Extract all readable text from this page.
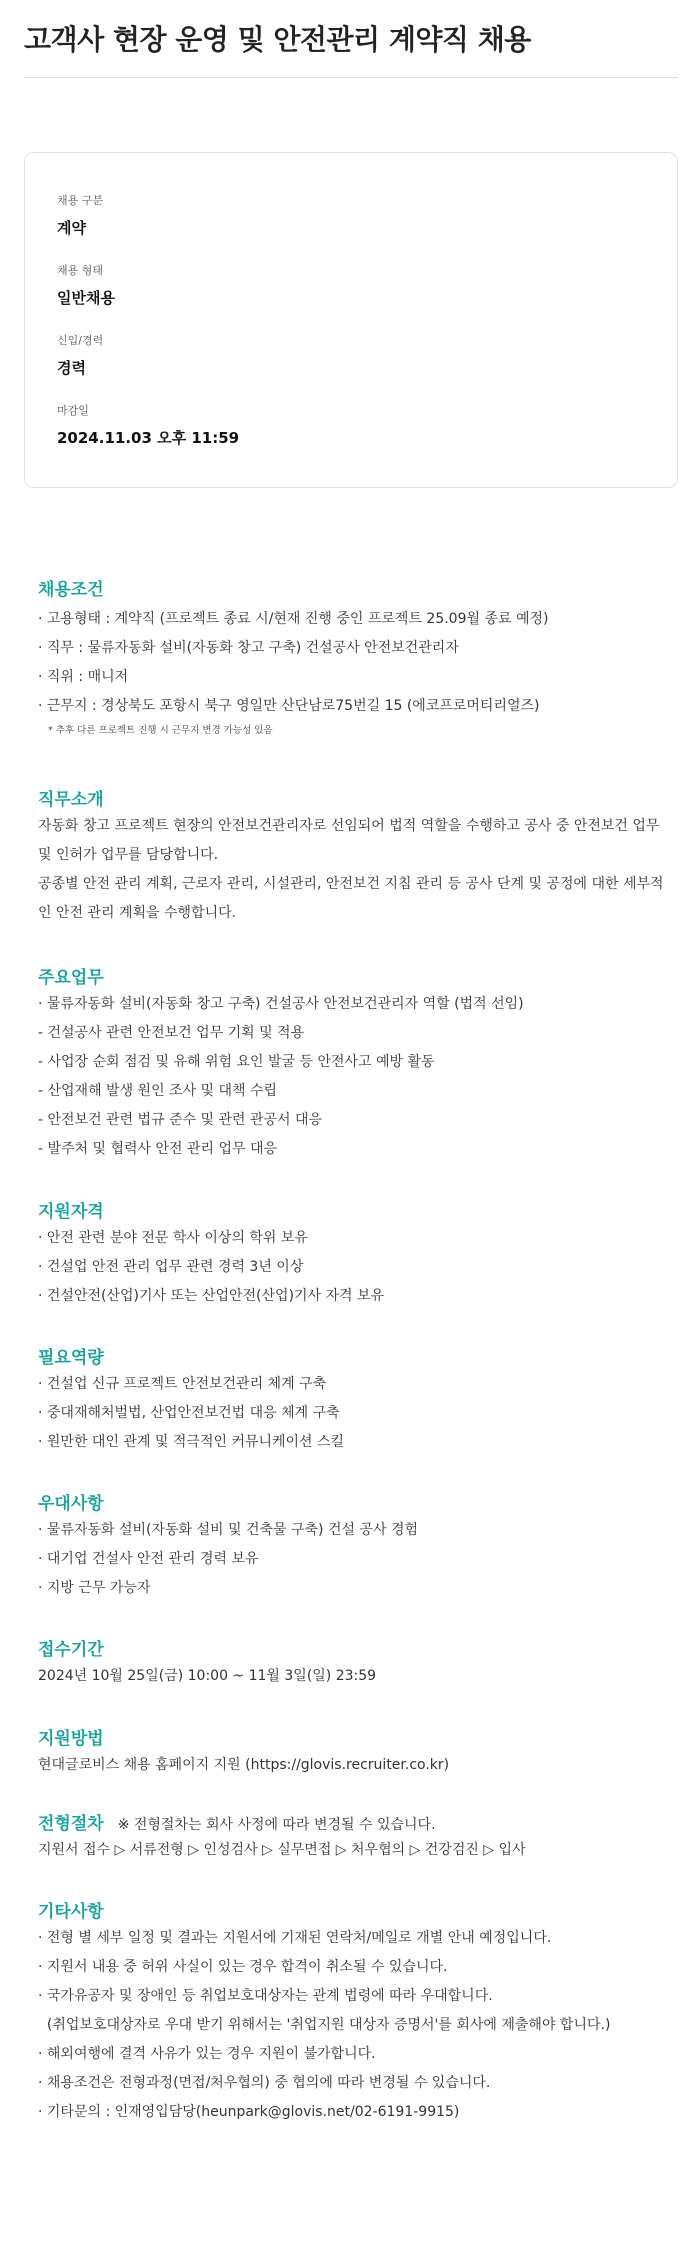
고객사 현장 운영 및 안전관리 계약직 채용
채용 구분
계약
채용 형태
일반채용
신입/경력
경력
마감일
2024.11.03 오후 11:59
채용조건
· 고용형태 : 계약직 (프로젝트 종료 시/현재 진행 중인 프로젝트 25.09월 종료 예정)
· 직무 : 물류자동화 설비(자동화 창고 구축) 건설공사 안전보건관리자
· 직위 : 매니저
· 근무지 : 경상북도 포항시 북구 영일만 산단남로75번길 15 (에코프로머티리얼즈)
* 추후 다른 프로젝트 진행 시 근무지 변경 가능성 있음
직무소개
자동화 창고 프로젝트 현장의 안전보건관리자로 선임되어 법적 역할을 수행하고 공사 중 안전보건 업무
및 인허가 업무를 담당합니다.
공종별 안전 관리 계획, 근로자 관리, 시설관리, 안전보건 지침 관리 등 공사 단계 및 공정에 대한 세부적
인 안전 관리 계획을 수행합니다.
주요업무
· 물류자동화 설비(자동화 창고 구축) 건설공사 안전보건관리자 역할 (법적 선임)
- 건설공사 관련 안전보건 업무 기획 및 적용
- 사업장 순회 점검 및 유해 위험 요인 발굴 등 안전사고 예방 활동
- 산업재해 발생 원인 조사 및 대책 수립
- 안전보건 관련 법규 준수 및 관련 관공서 대응
- 발주처 및 협력사 안전 관리 업무 대응
지원자격
· 안전 관련 분야 전문 학사 이상의 학위 보유
· 건설업 안전 관리 업무 관련 경력 3년 이상
· 건설안전(산업)기사 또는 산업안전(산업)기사 자격 보유
필요역량
· 건설업 신규 프로젝트 안전보건관리 체계 구축
· 중대재해처벌법, 산업안전보건법 대응 체계 구축
· 원만한 대인 관계 및 적극적인 커뮤니케이션 스킬
우대사항
· 물류자동화 설비(자동화 설비 및 건축물 구축) 건설 공사 경험
· 대기업 건설사 안전 관리 경력 보유
· 지방 근무 가능자
접수기간
2024년 10월 25일(금) 10:00 ~ 11월 3일(일) 23:59
지원방법
현대글로비스 채용 홈페이지 지원 (https://glovis.recruiter.co.kr)
전형절차 ※ 전형절차는 회사 사정에 따라 변경될 수 있습니다.
지원서 접수 ▷ 서류전형 ▷ 인성검사 ▷ 실무면접 ▷ 처우협의 ▷ 건강검진 ▷ 입사
기타사항
· 전형 별 세부 일정 및 결과는 지원서에 기재된 연락처/메일로 개별 안내 예정입니다.
· 지원서 내용 중 허위 사실이 있는 경우 합격이 취소될 수 있습니다.
· 국가유공자 및 장애인 등 취업보호대상자는 관계 법령에 따라 우대합니다.
(취업보호대상자로 우대 받기 위해서는 '취업지원 대상자 증명서'를 회사에 제출해야 합니다.)
· 해외여행에 결격 사유가 있는 경우 지원이 불가합니다.
· 채용조건은 전형과정(면접/처우협의) 중 협의에 따라 변경될 수 있습니다.
· 기타문의 : 인재영입담당(heunpark@glovis.net/02-6191-9915)
